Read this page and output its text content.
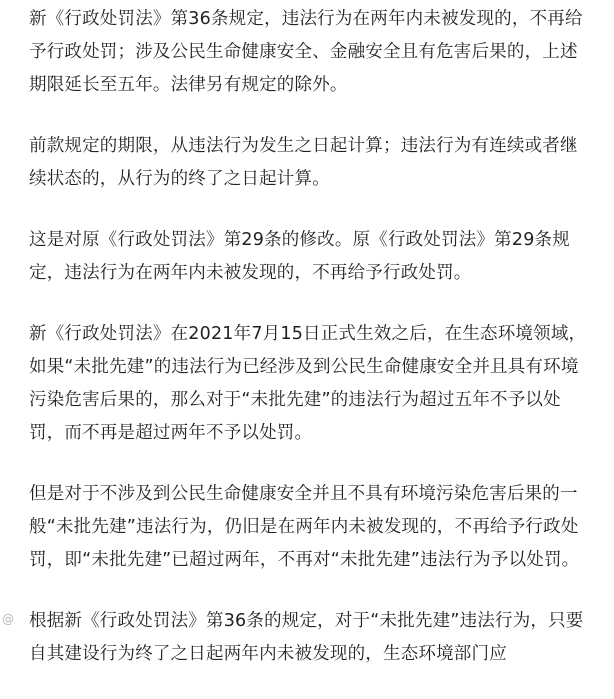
新《行政处罚法》第36条规定，违法行为在两年内未被发现的，不再给予行政处罚；涉及公民生命健康安全、金融安全且有危害后果的，上述期限延长至五年。法律另有规定的除外。

前款规定的期限，从违法行为发生之日起计算；违法行为有连续或者继续状态的，从行为的终了之日起计算。

这是对原《行政处罚法》第29条的修改。原《行政处罚法》第29条规定，违法行为在两年内未被发现的，不再给予行政处罚。

新《行政处罚法》在2021年7月15日正式生效之后，在生态环境领域，如果“未批先建”的违法行为已经涉及到公民生命健康安全并且具有环境污染危害后果的，那么对于“未批先建”的违法行为超过五年不予以处罚，而不再是超过两年不予以处罚。

但是对于不涉及到公民生命健康安全并且不具有环境污染危害后果的一般“未批先建”违法行为，仍旧是在两年内未被发现的，不再给予行政处罚，即“未批先建”已超过两年，不再对“未批先建”违法行为予以处罚。

根据新《行政处罚法》第36条的规定，对于“未批先建”违法行为，只要自其建设行为终了之日起两年内未被发现的，生态环境部门应

@
